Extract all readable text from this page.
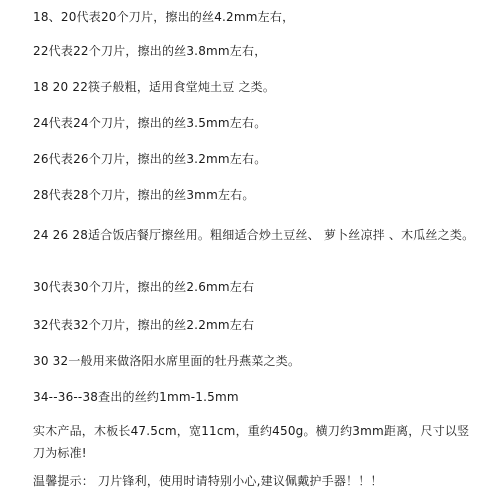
18、20代表20个刀片，擦出的丝4.2mm左右，
22代表22个刀片，擦出的丝3.8mm左右，
18 20 22筷子般粗，适用食堂炖土豆 之类。
24代表24个刀片，擦出的丝3.5mm左右。
26代表26个刀片，擦出的丝3.2mm左右。
28代表28个刀片，擦出的丝3mm左右。
24 26 28适合饭店餐厅擦丝用。粗细适合炒土豆丝、 萝卜丝凉拌 、木瓜丝之类。
30代表30个刀片，擦出的丝2.6mm左右
32代表32个刀片，擦出的丝2.2mm左右
30 32一般用来做洛阳水席里面的牡丹燕菜之类。
34--36--38查出的丝约1mm-1.5mm
实木产品，木板长47.5cm，宽11cm，重约450g。横刀约3mm距离，尺寸以竖刀为标准!
温馨提示： 刀片锋利，使用时请特别小心,建议佩戴护手器！！！
